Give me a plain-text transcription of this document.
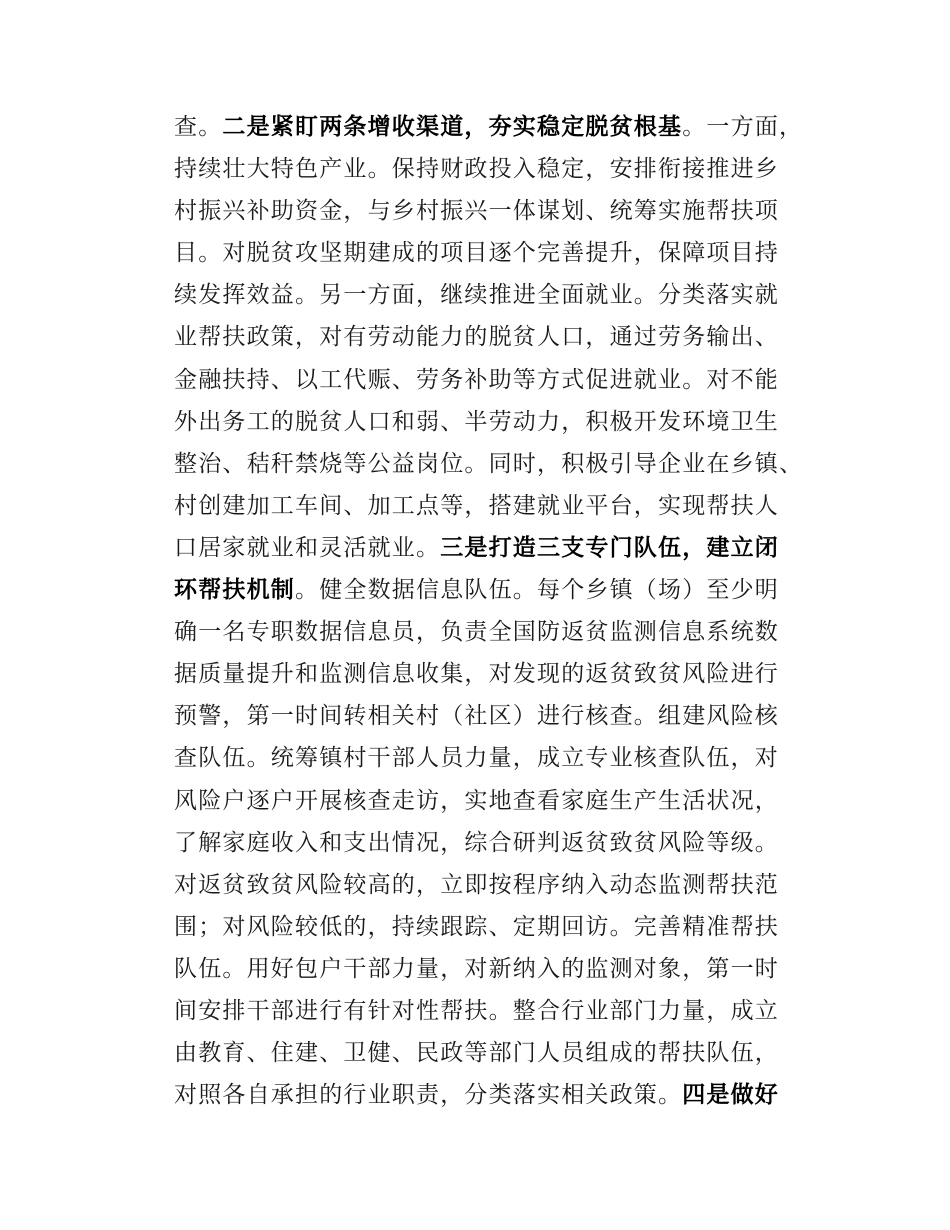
查。二是紧盯两条增收渠道，夯实稳定脱贫根基。一方面，
持续壮大特色产业。保持财政投入稳定，安排衔接推进乡
村振兴补助资金，与乡村振兴一体谋划、统筹实施帮扶项
目。对脱贫攻坚期建成的项目逐个完善提升，保障项目持
续发挥效益。另一方面，继续推进全面就业。分类落实就
业帮扶政策，对有劳动能力的脱贫人口，通过劳务输出、
金融扶持、以工代赈、劳务补助等方式促进就业。对不能
外出务工的脱贫人口和弱、半劳动力，积极开发环境卫生
整治、秸秆禁烧等公益岗位。同时，积极引导企业在乡镇、
村创建加工车间、加工点等，搭建就业平台，实现帮扶人
口居家就业和灵活就业。三是打造三支专门队伍，建立闭
环帮扶机制。健全数据信息队伍。每个乡镇（场）至少明
确一名专职数据信息员，负责全国防返贫监测信息系统数
据质量提升和监测信息收集，对发现的返贫致贫风险进行
预警，第一时间转相关村（社区）进行核查。组建风险核
查队伍。统筹镇村干部人员力量，成立专业核查队伍，对
风险户逐户开展核查走访，实地查看家庭生产生活状况，
了解家庭收入和支出情况，综合研判返贫致贫风险等级。
对返贫致贫风险较高的，立即按程序纳入动态监测帮扶范
围；对风险较低的，持续跟踪、定期回访。完善精准帮扶
队伍。用好包户干部力量，对新纳入的监测对象，第一时
间安排干部进行有针对性帮扶。整合行业部门力量，成立
由教育、住建、卫健、民政等部门人员组成的帮扶队伍，
对照各自承担的行业职责，分类落实相关政策。四是做好
